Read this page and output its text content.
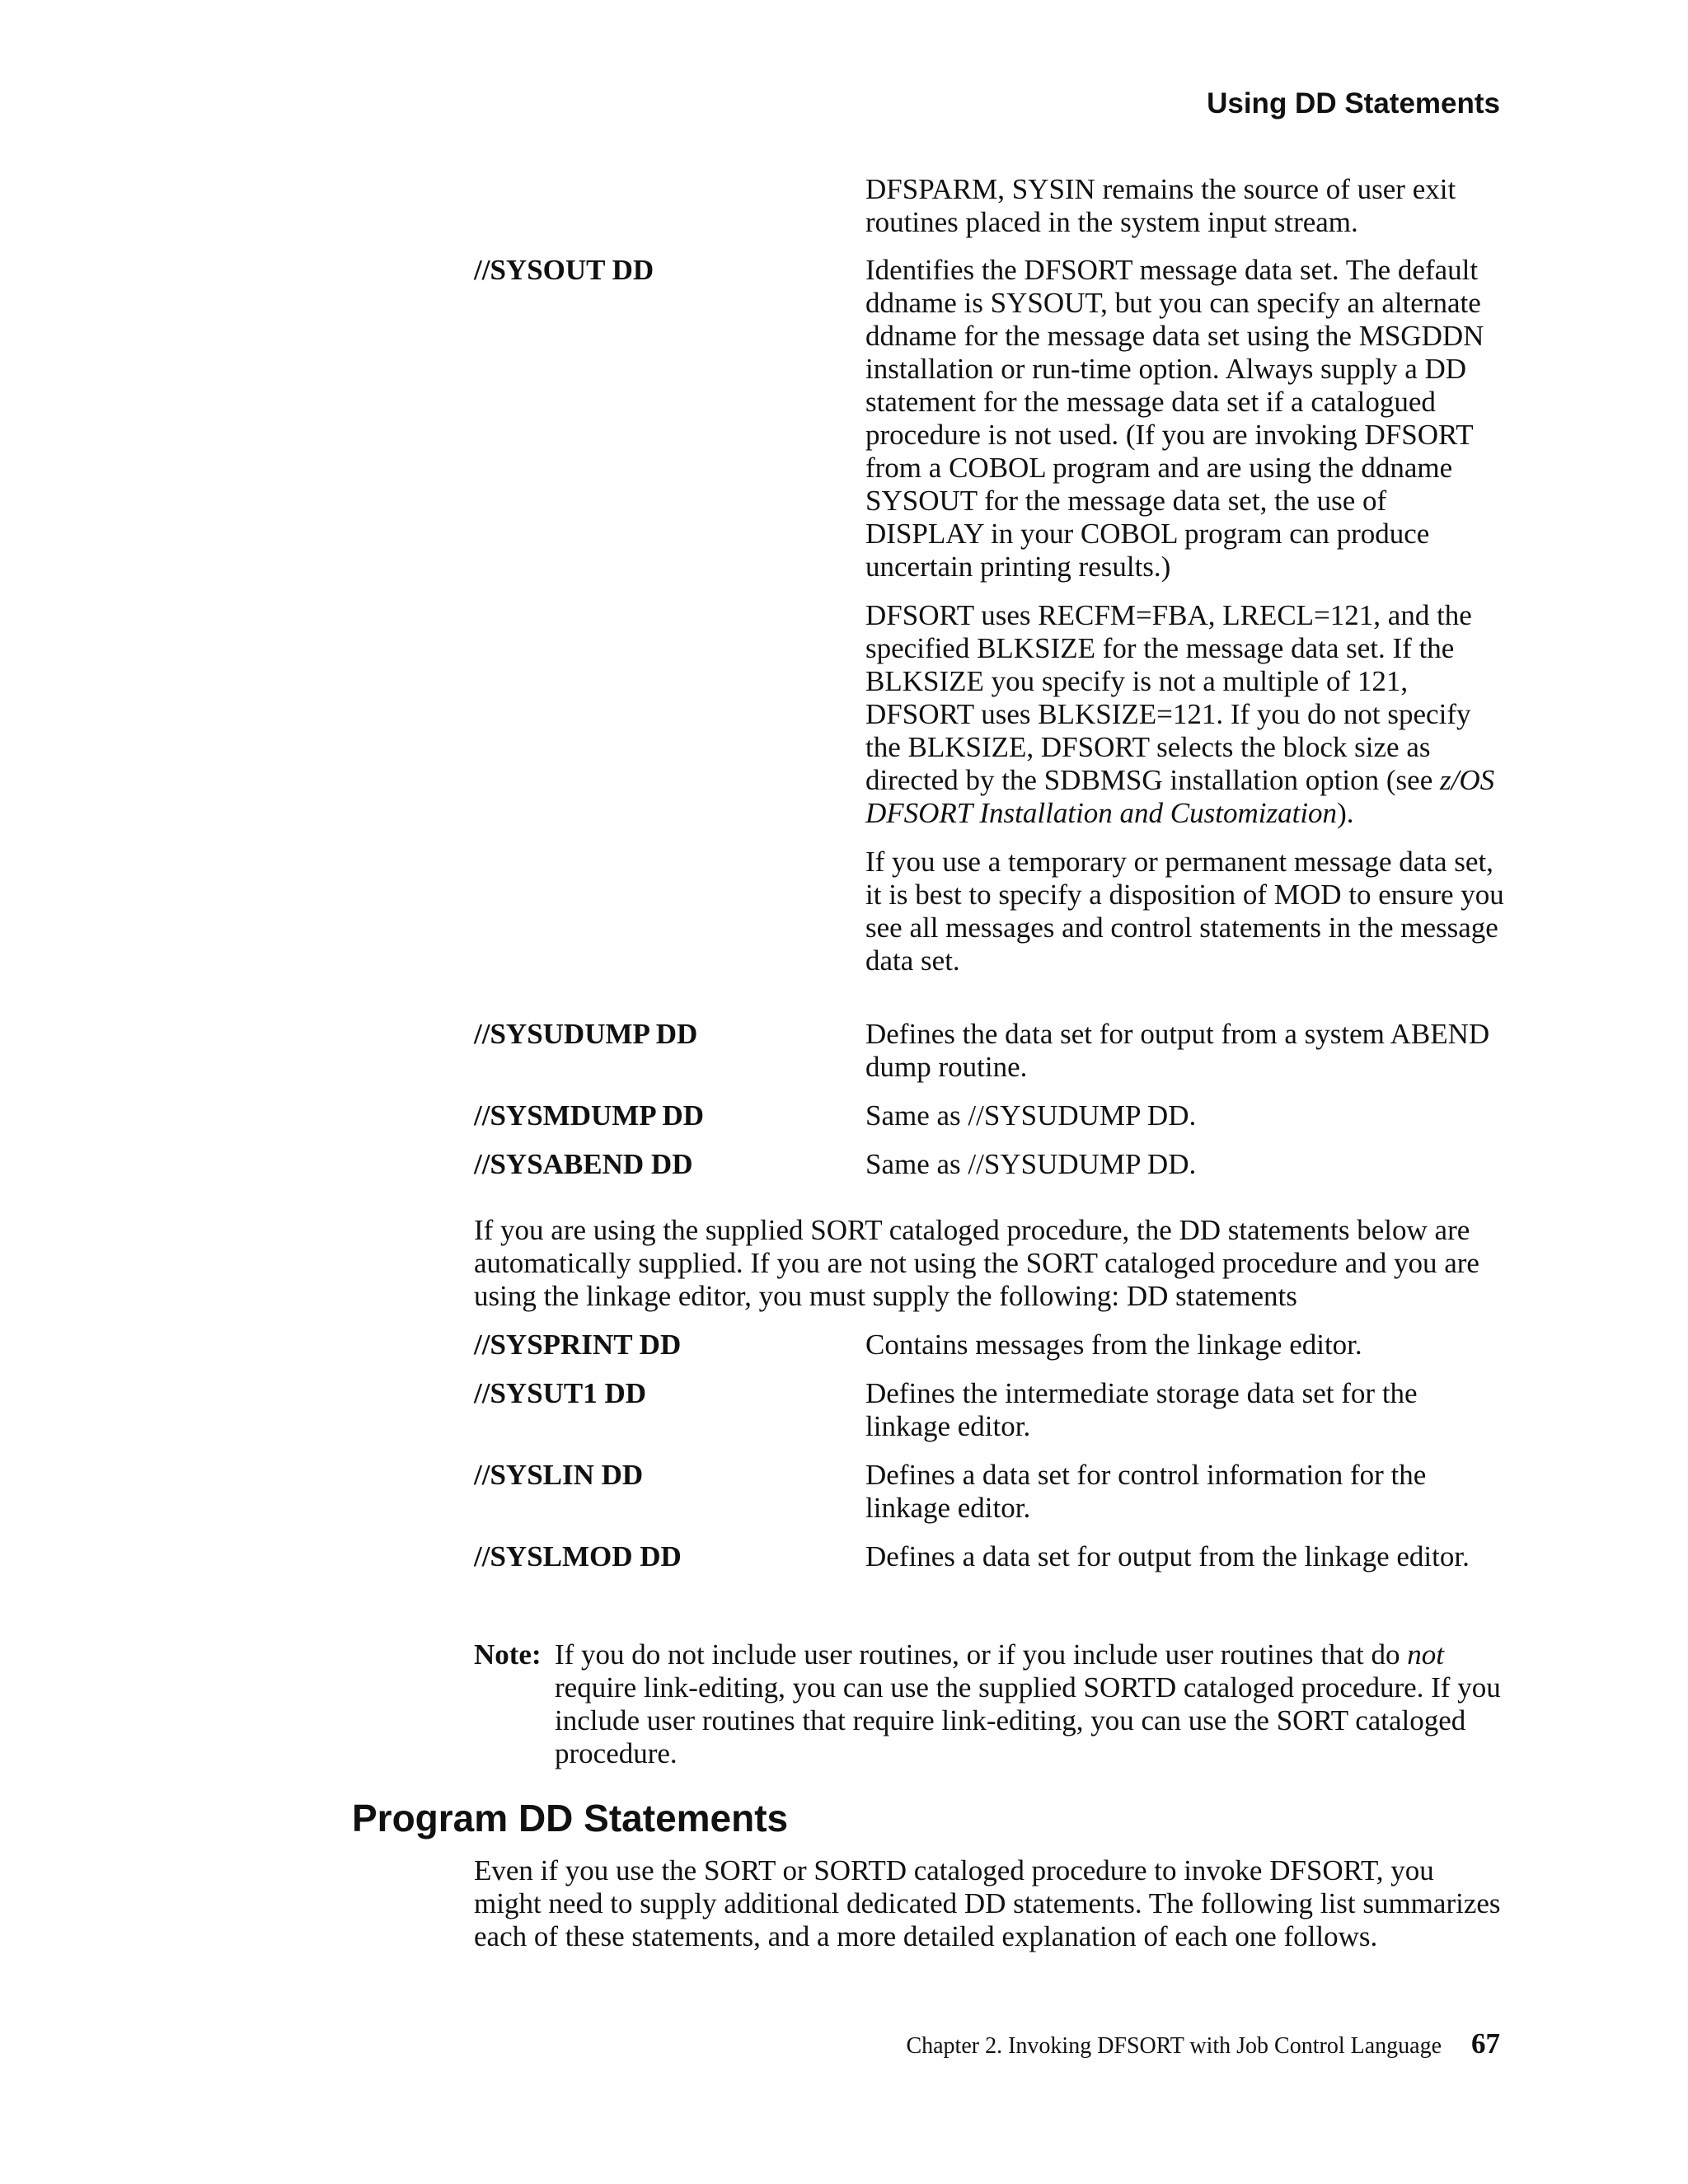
Using DD Statements

DFSPARM, SYSIN remains the source of user exit routines placed in the system input stream.

//SYSOUT DD	Identifies the DFSORT message data set. The default ddname is SYSOUT, but you can specify an alternate ddname for the message data set using the MSGDDN installation or run-time option. Always supply a DD statement for the message data set if a catalogued procedure is not used. (If you are invoking DFSORT from a COBOL program and are using the ddname SYSOUT for the message data set, the use of DISPLAY in your COBOL program can produce uncertain printing results.)

DFSORT uses RECFM=FBA, LRECL=121, and the specified BLKSIZE for the message data set. If the BLKSIZE you specify is not a multiple of 121, DFSORT uses BLKSIZE=121. If you do not specify the BLKSIZE, DFSORT selects the block size as directed by the SDBMSG installation option (see z/OS DFSORT Installation and Customization).

If you use a temporary or permanent message data set, it is best to specify a disposition of MOD to ensure you see all messages and control statements in the message data set.

//SYSUDUMP DD	Defines the data set for output from a system ABEND dump routine.
//SYSMDUMP DD	Same as //SYSUDUMP DD.
//SYSABEND DD	Same as //SYSUDUMP DD.
If you are using the supplied SORT cataloged procedure, the DD statements below are automatically supplied. If you are not using the SORT cataloged procedure and you are using the linkage editor, you must supply the following: DD statements
//SYSPRINT DD	Contains messages from the linkage editor.
//SYSUT1 DD	Defines the intermediate storage data set for the linkage editor.
//SYSLIN DD	Defines a data set for control information for the linkage editor.
//SYSLMOD DD	Defines a data set for output from the linkage editor.
Note: If you do not include user routines, or if you include user routines that do not require link-editing, you can use the supplied SORTD cataloged procedure. If you include user routines that require link-editing, you can use the SORT cataloged procedure.
Program DD Statements
Even if you use the SORT or SORTD cataloged procedure to invoke DFSORT, you might need to supply additional dedicated DD statements. The following list summarizes each of these statements, and a more detailed explanation of each one follows.
Chapter 2. Invoking DFSORT with Job Control Language 67
